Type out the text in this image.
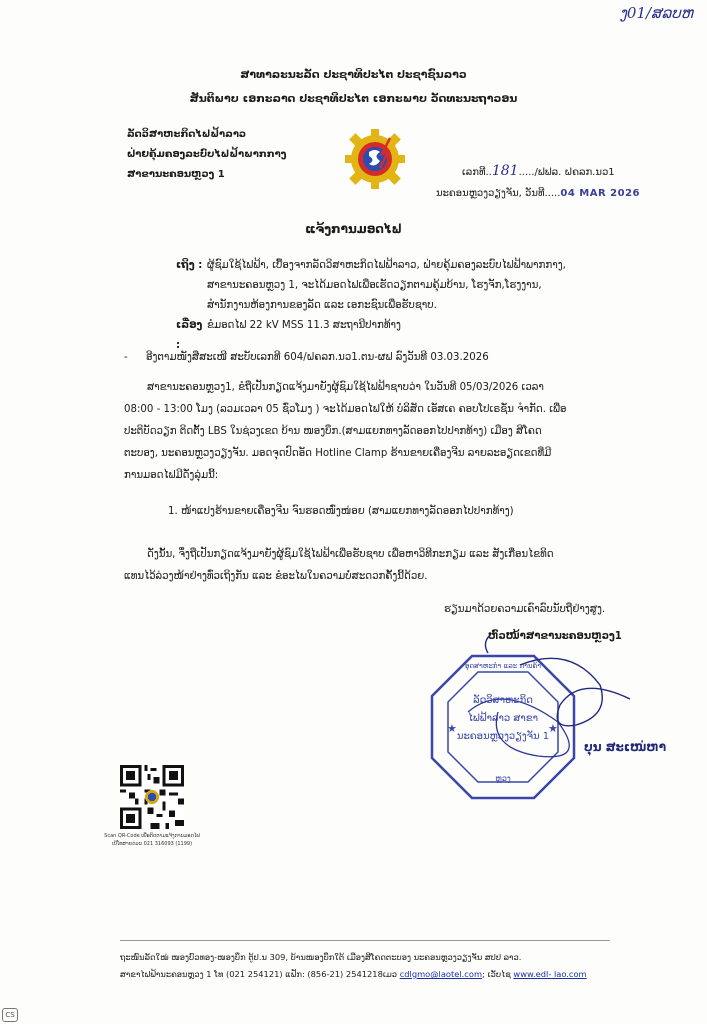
ງ01/ສລບຫ
ສາທາລະນະລັດ ປະຊາທິປະໄຕ ປະຊາຊົນລາວ
ສັນຕິພາບ ເອກະລາດ ປະຊາທິປະໄຕ ເອກະພາບ ວັດທະນະຖາວອນ
ລັດວິສາຫະກິດໄຟຟ້າລາວ
ຝ່າຍຄຸ້ມຄອງລະບົບໄຟຟ້າພາກກາງ
ສາຂານະຄອນຫຼວງ 1	ເລກທີ..181...../ຟຟລ. ຝຄລກ.ນວ1
ນະຄອນຫຼວງວຽງຈັນ, ວັນທີ.....04 MAR 2026
ແຈ້ງການມອດໄຟ
ເຖິງ : ຜູ້ຊົມໃຊ້ໄຟຟ້າ, ເບື້ອງຈາກລັດວິສາຫະກິດໄຟຟ້າລາວ, ຝ່າຍຄຸ້ມຄອງລະບົບໄຟຟ້າພາກກາງ,
ສາຂານະຄອນຫຼວງ 1, ຈະໄດ້ມອດໄຟເພື່ອເຮັດວຽກຕາມຄຸ້ມບ້ານ, ໂຮງຈັກ,ໂຮງງານ,
ສໍານັກງານຫ້ອງການຂອງລັດ ແລະ ເອກະຊົນເພື່ອຮັບຊາບ.
ເລື່ອງ :
ຂໍມອດໄຟ 22 kV MSS 11.3 ສະຖານີປາກທ້າງ
- ອີງຕາມໜັງສືສະເໜີ ສະບັບເລກທີ 604/ຝຄລກ.ນວ1.ຕນ-ຜຟ ລົງວັນທີ 03.03.2026
ສາຂານະຄອນຫຼວງ1, ຂໍຖືເປັນກຽດແຈ້ງມາຍັງຜູ້ຊົມໃຊ້ໄຟຟ້າຊາບວ່າ ໃນວັນທີ 05/03/2026 ເວລາ
08:00 - 13:00 ໂມງ (ລວມເວລາ 05 ຊົ່ວໂມງ ) ຈະໄດ້ມອດໄຟໃຫ້ ບໍລິສັດ ເອັສເຄ ຄອບໂປເຣຊັ່ນ ຈໍາກັດ. ເພື່ອ
ປະຕິບັດວຽກ ຕິດຕັ້ງ LBS ໃນຊ່ວງເຂດ ບ້ານ ໜອງບຶກ.(ສາມແຍກທາງລັດອອກໄປປາກທ້າງ) ເມືອງ ສີໂຄດ
ຕະບອງ, ນະຄອນຫຼວງວຽງຈັນ. ມອດຈຸດປົດອັດ Hotline Clamp ຮ້ານຂາຍເຄື່ອງຈີນ ລາຍລະອຽດເຂດທີ່ມີ
ການມອດໄຟມີດັ່ງລຸ່ມນີ້:
1. ໜ້າແປງຮ້ານຂາຍເຄື່ອງຈີນ ຈົນຮອດໜົ່ງໜ່ອຍ (ສາມແຍກທາງລັດອອກໄປປາກທ້າງ)
ດັ່ງນັ້ນ, ຈຶ່ງຖືເປັນກຽດແຈ້ງມາຍັງຜູ້ຊົມໃຊ້ໄຟຟ້າເພື່ອຮັບຊາບ ເພື່ອຫາວິທີກະກຽມ ແລະ ສັງເກື່ອນໄຂທິດ
ແທນໄວ້ລ່ວງໜ້າຢ່າງທົ່ວເຖິງກັນ ແລະ ຂໍອະໄພໃນຄວາມບໍ່ສະດວກຄັ້ງນີ້ດ້ວຍ.
ຮຽນມາດ້ວຍຄວາມເຄົາລົບນັບຖືຢ່າງສູງ.
ຫົວໜ້າສາຂານະຄອນຫຼວງ1
★	★
ອຸດສາຫະກໍາ ແລະ ການຄ້າ
ລັດວິສາຫະກິດ
ໄຟຟ້າລາວ ສາຂາ
ນະຄອນຫຼວງວຽງຈັນ 1
ຫຼວງ
ບຸນ ສະເໜ່ຫາ
Scan QR-Code ເພື່ອຕິດຕາມແຈ້ງການມອດໄຟ
ເບີໂທສາຍດ່ວນ 021 316093 (1199)
ຖະໜົນລັດໃໝ່ ໜອງບົວທອງ-ໜອງບຶກ ຕູ້ປ.ນ 309, ບ້ານໜອງບຶກໃຕ້ ເມືອງສີໂຄດຕະບອງ ນະຄອນຫຼວງວຽງຈັນ ສປປ ລາວ.
ສາຂາໄຟຟ້ານະຄອນຫຼວງ 1 ໂທ (021 254121) ແຟັກ: (856-21) 2541218ເມວ cdlgmo@laotel.com; ເວັບໄຊ www.edl- lao.com
CS
